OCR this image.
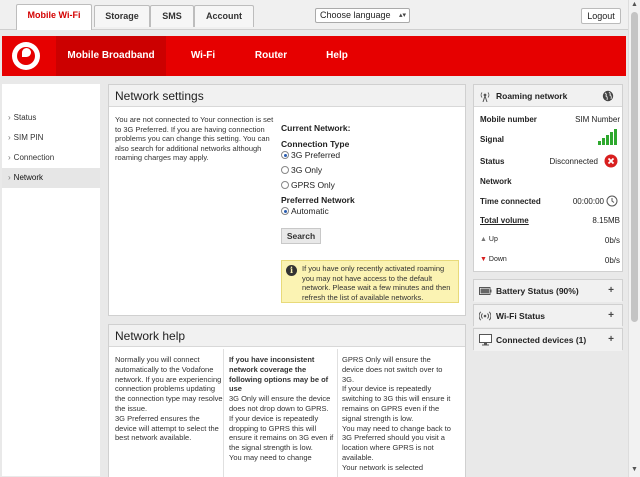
Mobile Wi-Fi	Storage	SMS	Account	Choose language ▴▾	Logout
Mobile Broadband	Wi-Fi	Router	Help
› Status
› SIM PIN
› Connection
› Network
Network settings
You are not connected to Your connection is set to 3G Preferred. If you are having connection problems you can change this setting. You can also search for additional networks although roaming charges may apply.
Current Network:
Connection Type
3G Preferred
3G Only
GPRS Only
Preferred Network
Automatic
Search
i	If you have only recently activated roaming you may not have access to the default network. Please wait a few minutes and then refresh the list of available networks.
Network help

Normally you will connect automatically to the Vodafone network. If you are experiencing connection problems updating the connection type may resolve the issue.

3G Preferred ensures the device will attempt to select the best network available.

If you have inconsistent network coverage the following options may be of use

3G Only will ensure the device does not drop down to GPRS.

If your device is repeatedly dropping to GPRS this will ensure it remains on 3G even if the signal strength is low.

You may need to change

GPRS Only will ensure the device does not switch over to 3G.

If your device is repeatedly switching to 3G this will ensure it remains on GPRS even if the signal strength is low.

You may need to change back to 3G Preferred should you visit a location where GPRS is not available.

Your network is selected

Roaming network
Mobile number	SIM Number
Signal
Status	Disconnected
Network
Time connected	00:00:00
Total volume	8.15MB
▲ Up	0b/s
▼ Down	0b/s
Battery Status (90%)	+
Wi-Fi Status	+
Connected devices (1) +
▲
▼
